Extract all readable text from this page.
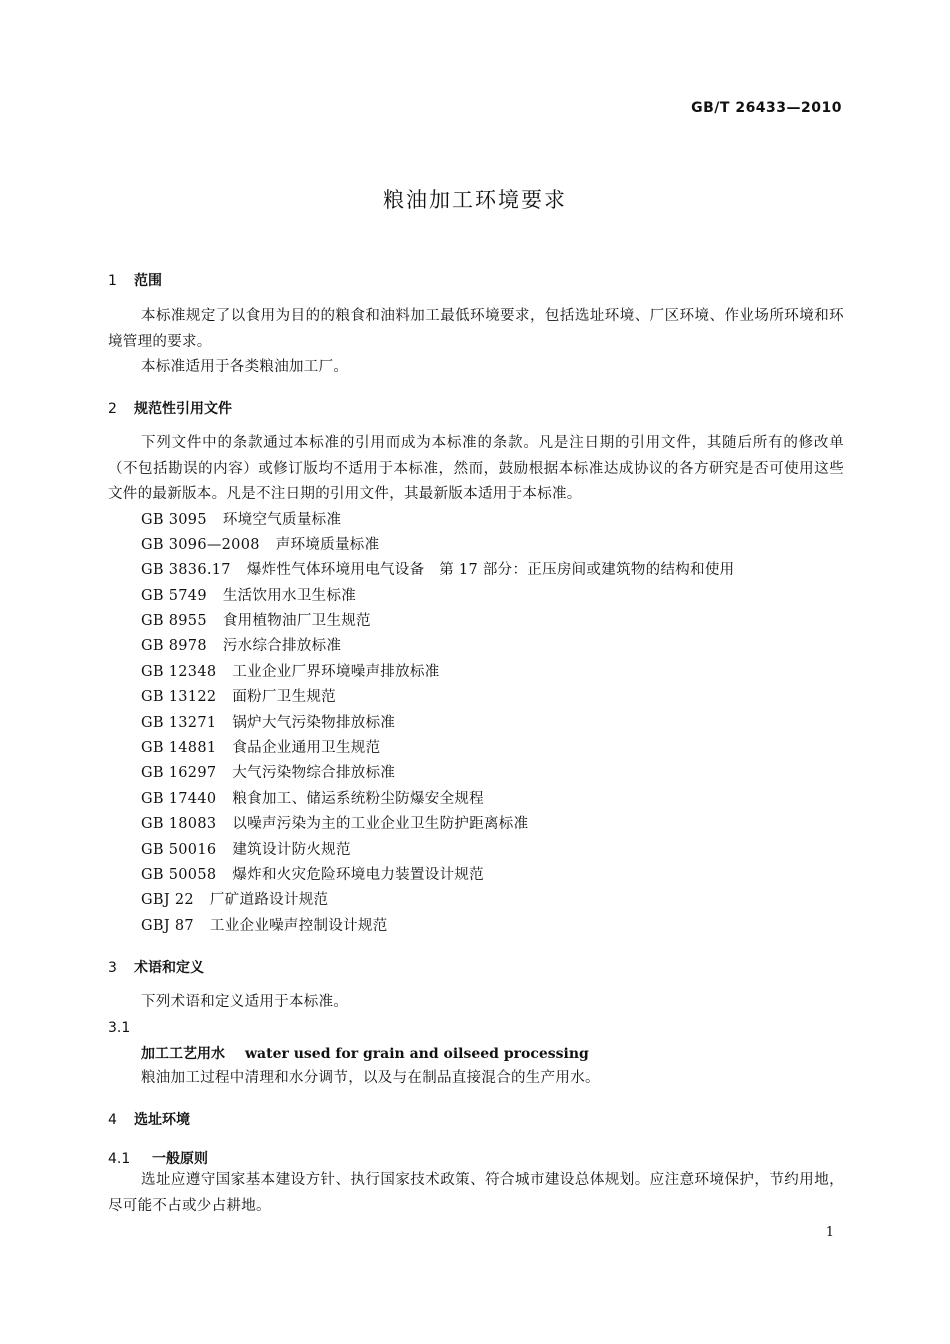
GB/T 26433—2010
粮油加工环境要求
1 范围
本标准规定了以食用为目的的粮食和油料加工最低环境要求，包括选址环境、厂区环境、作业场所环境和环境管理的要求。
本标准适用于各类粮油加工厂。
2 规范性引用文件
下列文件中的条款通过本标准的引用而成为本标准的条款。凡是注日期的引用文件，其随后所有的修改单（不包括勘误的内容）或修订版均不适用于本标准，然而，鼓励根据本标准达成协议的各方研究是否可使用这些文件的最新版本。凡是不注日期的引用文件，其最新版本适用于本标准。
GB 3095 环境空气质量标准
GB 3096—2008 声环境质量标准
GB 3836.17 爆炸性气体环境用电气设备　第 17 部分：正压房间或建筑物的结构和使用
GB 5749 生活饮用水卫生标准
GB 8955 食用植物油厂卫生规范
GB 8978 污水综合排放标准
GB 12348 工业企业厂界环境噪声排放标准
GB 13122 面粉厂卫生规范
GB 13271 锅炉大气污染物排放标准
GB 14881 食品企业通用卫生规范
GB 16297 大气污染物综合排放标准
GB 17440 粮食加工、储运系统粉尘防爆安全规程
GB 18083 以噪声污染为主的工业企业卫生防护距离标准
GB 50016 建筑设计防火规范
GB 50058 爆炸和火灾危险环境电力装置设计规范
GBJ 22 厂矿道路设计规范
GBJ 87 工业企业噪声控制设计规范
3 术语和定义
下列术语和定义适用于本标准。
3.1
加工工艺用水 water used for grain and oilseed processing
粮油加工过程中清理和水分调节，以及与在制品直接混合的生产用水。
4 选址环境
4.1 一般原则
选址应遵守国家基本建设方针、执行国家技术政策、符合城市建设总体规划。应注意环境保护，节约用地，尽可能不占或少占耕地。
1
